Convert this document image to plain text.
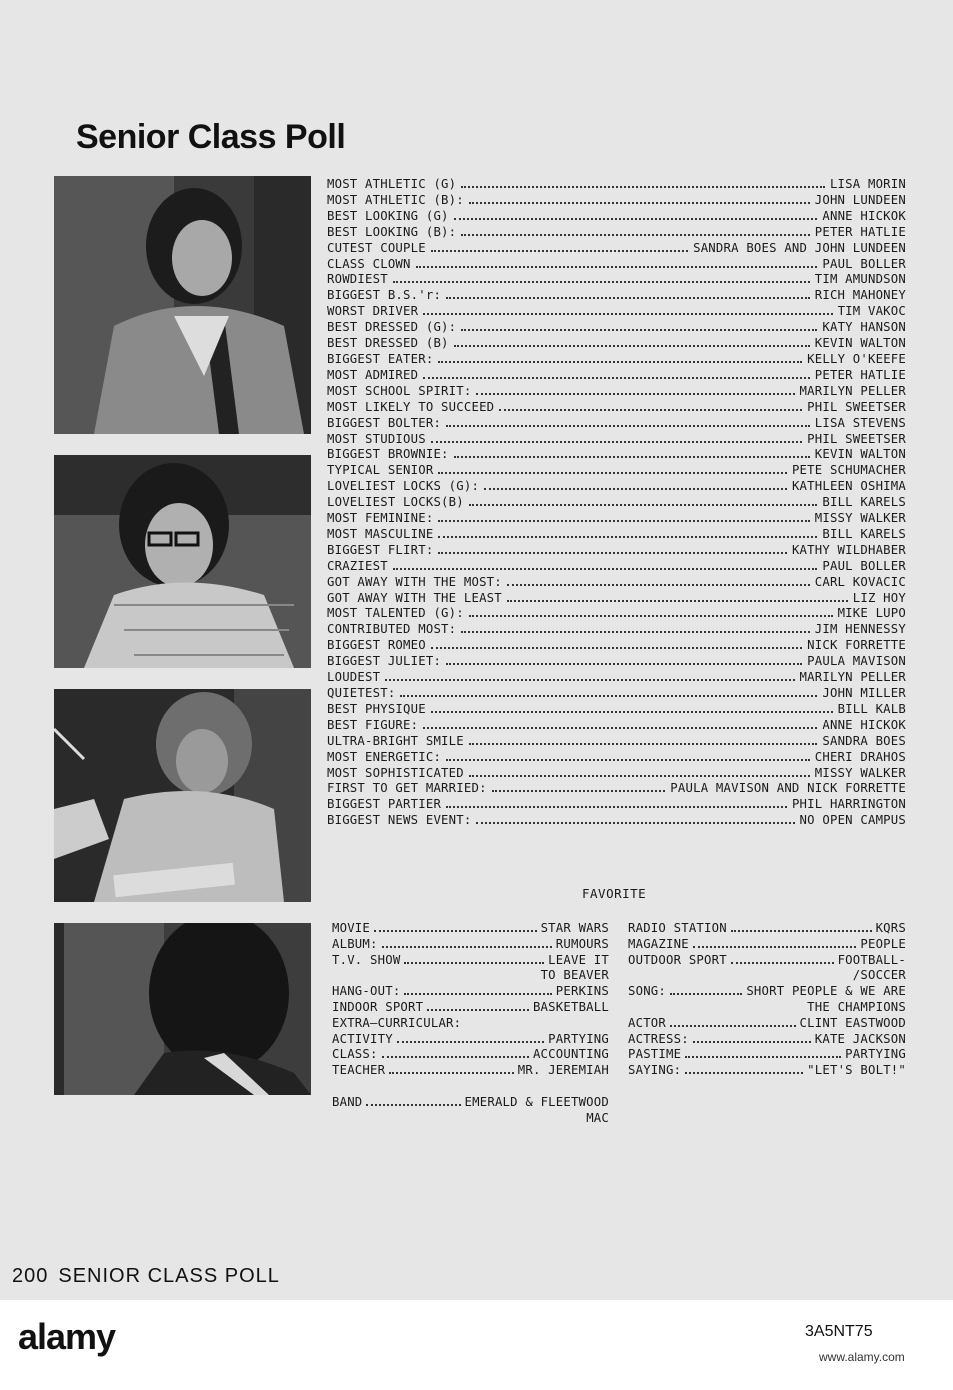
Senior Class Poll
MOST ATHLETIC (G)	LISA MORIN
MOST ATHLETIC (B):	JOHN LUNDEEN
BEST LOOKING (G)	ANNE HICKOK
BEST LOOKING (B):	PETER HATLIE
CUTEST COUPLE	SANDRA BOES AND JOHN LUNDEEN
CLASS CLOWN	PAUL BOLLER
ROWDIEST	TIM AMUNDSON
BIGGEST B.S.'r:	RICH MAHONEY
WORST DRIVER	TIM VAKOC
BEST DRESSED (G):	KATY HANSON
BEST DRESSED (B)	KEVIN WALTON
BIGGEST EATER:	KELLY O'KEEFE
MOST ADMIRED	PETER HATLIE
MOST SCHOOL SPIRIT:	MARILYN PELLER
MOST LIKELY TO SUCCEED	PHIL SWEETSER
BIGGEST BOLTER:	LISA STEVENS
MOST STUDIOUS	PHIL SWEETSER
BIGGEST BROWNIE:	KEVIN WALTON
TYPICAL SENIOR	PETE SCHUMACHER
LOVELIEST LOCKS (G):	KATHLEEN OSHIMA
LOVELIEST LOCKS(B)	BILL KARELS
MOST FEMININE:	MISSY WALKER
MOST MASCULINE	BILL KARELS
BIGGEST FLIRT:	KATHY WILDHABER
CRAZIEST	PAUL BOLLER
GOT AWAY WITH THE MOST:	CARL KOVACIC
GOT AWAY WITH THE LEAST	LIZ HOY
MOST TALENTED (G):	MIKE LUPO
CONTRIBUTED MOST:	JIM HENNESSY
BIGGEST ROMEO	NICK FORRETTE
BIGGEST JULIET:	PAULA MAVISON
LOUDEST	MARILYN PELLER
QUIETEST:	JOHN MILLER
BEST PHYSIQUE	BILL KALB
BEST FIGURE:	ANNE HICKOK
ULTRA-BRIGHT SMILE	SANDRA BOES
MOST ENERGETIC:	CHERI DRAHOS
MOST SOPHISTICATED	MISSY WALKER
FIRST TO GET MARRIED:	PAULA MAVISON AND NICK FORRETTE
BIGGEST PARTIER	PHIL HARRINGTON
BIGGEST NEWS EVENT:	NO OPEN CAMPUS
FAVORITE
MOVIE	STAR WARS
ALBUM:	RUMOURS
T.V. SHOW	LEAVE IT
TO BEAVER
HANG-OUT:	PERKINS
INDOOR SPORT	BASKETBALL
EXTRA—CURRICULAR:
ACTIVITY	PARTYING
CLASS:	ACCOUNTING
TEACHER	MR. JEREMIAH
BAND	EMERALD & FLEETWOOD
MAC
RADIO STATION	KQRS
MAGAZINE	PEOPLE
OUTDOOR SPORT	FOOTBALL-
/SOCCER
SONG:	SHORT PEOPLE & WE ARE
THE CHAMPIONS
ACTOR	CLINT EASTWOOD
ACTRESS:	KATE JACKSON
PASTIME	PARTYING
SAYING:	"LET'S BOLT!"
200 SENIOR CLASS POLL
alamy	3A5NT75
www.alamy.com
